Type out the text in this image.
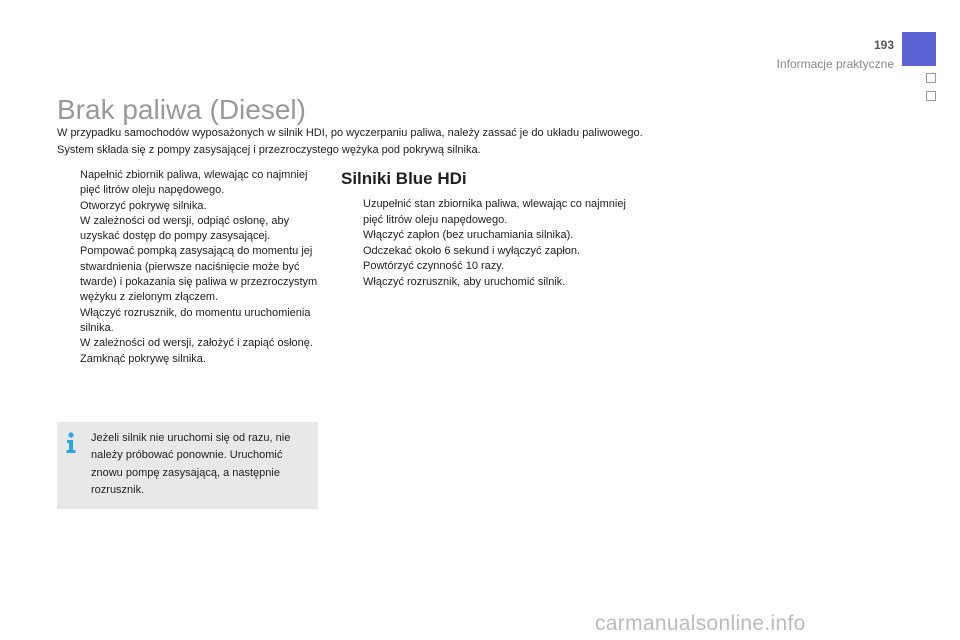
193
Informacje praktyczne
Brak paliwa (Diesel)

W przypadku samochodów wyposażonych w silnik HDI, po wyczerpaniu paliwa, należy zassać je do układu paliwowego.

System składa się z pompy zasysającej i przezroczystego wężyka pod pokrywą silnika.

Napełnić zbiornik paliwa, wlewając co najmniej pięć litrów oleju napędowego.
Otworzyć pokrywę silnika.
W zależności od wersji, odpiąć osłonę, aby uzyskać dostęp do pompy zasysającej.
Pompować pompką zasysającą do momentu jej stwardnienia (pierwsze naciśnięcie może być twarde) i pokazania się paliwa w przezroczystym wężyku z zielonym złączem.
Włączyć rozrusznik, do momentu uruchomienia silnika.
W zależności od wersji, założyć i zapiąć osłonę.
Zamknąć pokrywę silnika.
Jeżeli silnik nie uruchomi się od razu, nie należy próbować ponownie. Uruchomić znowu pompę zasysającą, a następnie rozrusznik.
Silniki Blue HDi
Uzupełnić stan zbiornika paliwa, wlewając co najmniej pięć litrów oleju napędowego.
Włączyć zapłon (bez uruchamiania silnika).
Odczekać około 6 sekund i wyłączyć zapłon.
Powtórzyć czynność 10 razy.
Włączyć rozrusznik, aby uruchomić silnik.
carmanualsonline.info
